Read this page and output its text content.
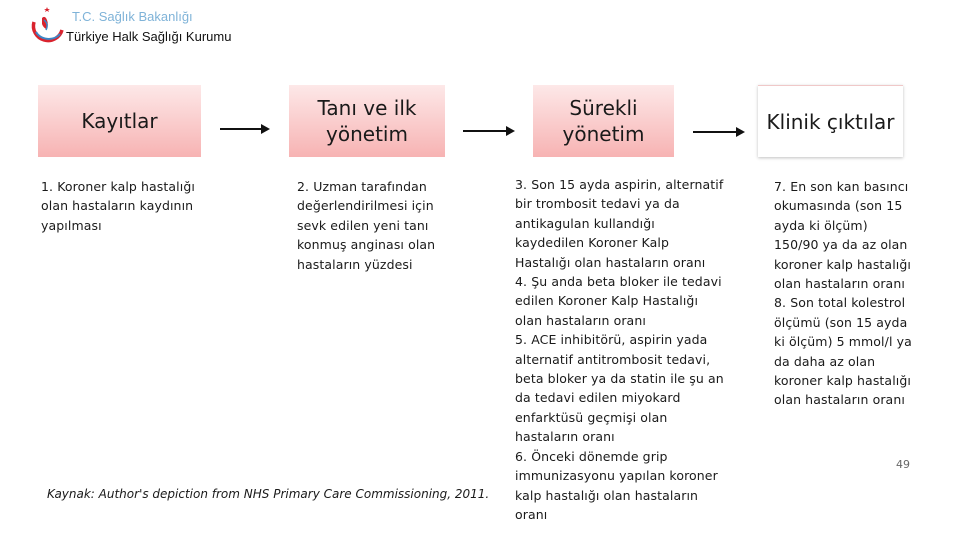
T.C. Sağlık Bakanlığı
Türkiye Halk Sağlığı Kurumu
Kayıtlar
Tanı ve ilk
yönetim
Sürekli
yönetim
Klinik çıktılar

1. Koroner kalp hastalığı olan hastaların kaydının yapılması

2. Uzman tarafından değerlendirilmesi için sevk edilen yeni tanı konmuş anginası olan hastaların yüzdesi

3. Son 15 ayda aspirin, alternatif bir trombosit tedavi ya da antikagulan kullandığı kaydedilen Koroner Kalp Hastalığı olan hastaların oranı

4. Şu anda beta bloker ile tedavi edilen Koroner Kalp Hastalığı olan hastaların oranı

5. ACE inhibitörü, aspirin yada alternatif antitrombosit tedavi, beta bloker ya da statin ile şu an da tedavi edilen miyokard enfarktüsü geçmişi olan hastaların oranı

6. Önceki dönemde grip immunizasyonu yapılan koroner kalp hastalığı olan hastaların oranı

7. En son kan basıncı okumasında (son 15 ayda ki ölçüm) 150/90 ya da az olan koroner kalp hastalığı olan hastaların oranı

8. Son total kolestrol ölçümü (son 15 ayda ki ölçüm) 5 mmol/l ya da daha az olan koroner kalp hastalığı olan hastaların oranı

Kaynak: Author's depiction from NHS Primary Care Commissioning, 2011.
49
